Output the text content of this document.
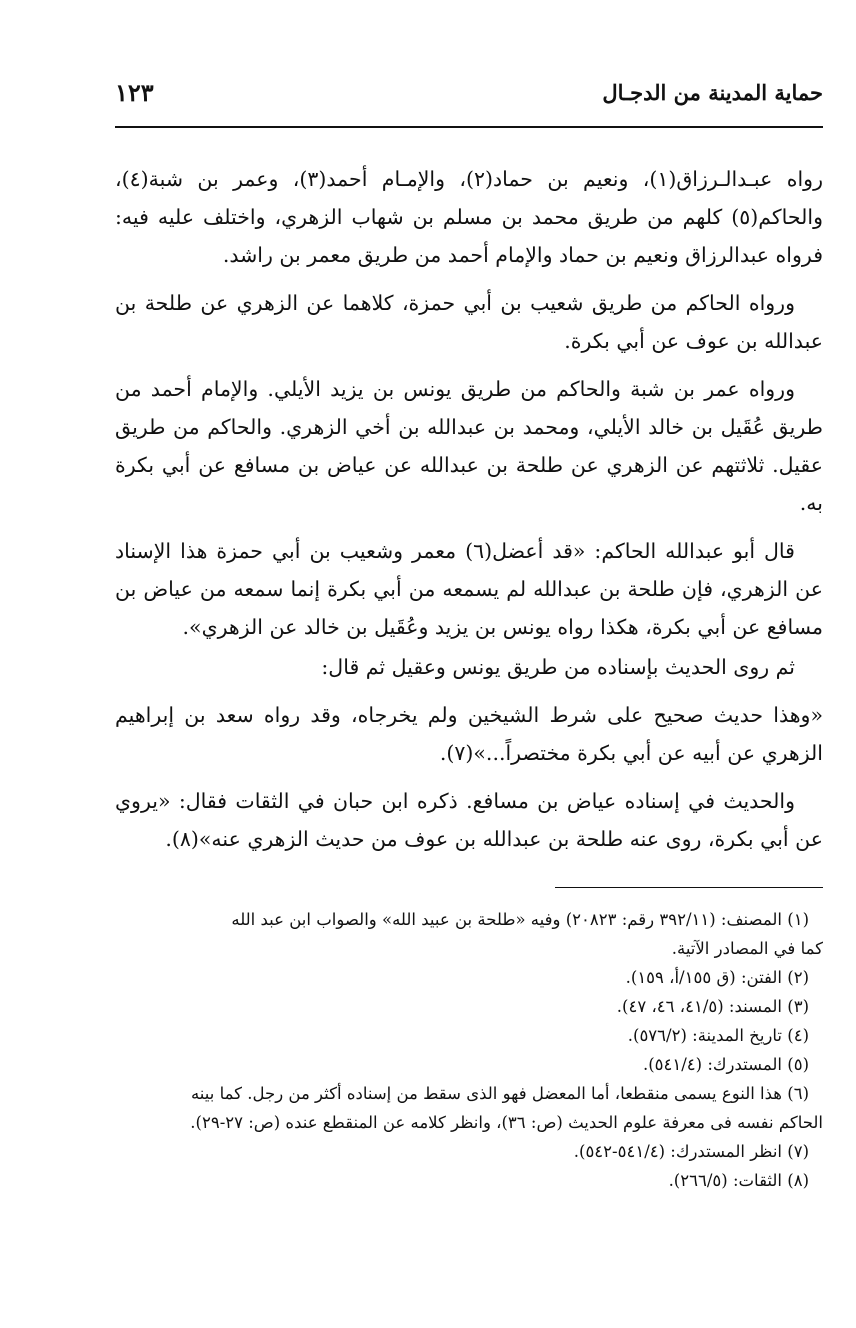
١٢٣	حماية المدينة من الدجـال

رواه عبـدالـرزاق(١)، ونعيم بن حماد(٢)، والإمـام أحمد(٣)، وعمر بن شبة(٤)، والحاكم(٥) كلهم من طريق محمد بن مسلم بن شهاب الزهري، واختلف عليه فيه: فرواه عبدالرزاق ونعيم بن حماد والإمام أحمد من طريق معمر بن راشد.

ورواه الحاكم من طريق شعيب بن أبي حمزة، كلاهما عن الزهري عن طلحة بن عبدالله بن عوف عن أبي بكرة.

ورواه عمر بن شبة والحاكم من طريق يونس بن يزيد الأيلي. والإمام أحمد من طريق عُقَيل بن خالد الأيلي، ومحمد بن عبدالله بن أخي الزهري. والحاكم من طريق عقيل. ثلاثتهم عن الزهري عن طلحة بن عبدالله عن عياض بن مسافع عن أبي بكرة به.

قال أبو عبدالله الحاكم: «قد أعضل(٦) معمر وشعيب بن أبي حمزة هذا الإسناد عن الزهري، فإن طلحة بن عبدالله لم يسمعه من أبي بكرة إنما سمعه من عياض بن مسافع عن أبي بكرة، هكذا رواه يونس بن يزيد وعُقَيل بن خالد عن الزهري».

ثم روى الحديث بإسناده من طريق يونس وعقيل ثم قال:

«وهذا حديث صحيح على شرط الشيخين ولم يخرجاه، وقد رواه سعد بن إبراهيم الزهري عن أبيه عن أبي بكرة مختصراً...»(٧).

والحديث في إسناده عياض بن مسافع. ذكره ابن حبان في الثقات فقال: «يروي عن أبي بكرة، روى عنه طلحة بن عبدالله بن عوف من حديث الزهري عنه»(٨).

(١) المصنف: (٣٩٢/١١ رقم: ٢٠٨٢٣) وفيه «طلحة بن عبيد الله» والصواب ابن عبد الله
كما في المصادر الآتية.
(٢) الفتن: (ق ١٥٥/أ، ١٥٩).
(٣) المسند: (٤١/٥، ٤٦، ٤٧).
(٤) تاريخ المدينة: (٥٧٦/٢).
(٥) المستدرك: (٥٤١/٤).
(٦) هذا النوع يسمى منقطعا، أما المعضل فهو الذى سقط من إسناده أكثر من رجل. كما بينه
الحاكم نفسه فى معرفة علوم الحديث (ص: ٣٦)، وانظر كلامه عن المنقطع عنده (ص: ٢٧-٢٩).
(٧) انظر المستدرك: (٥٤١/٤-٥٤٢).
(٨) الثقات: (٢٦٦/٥).
